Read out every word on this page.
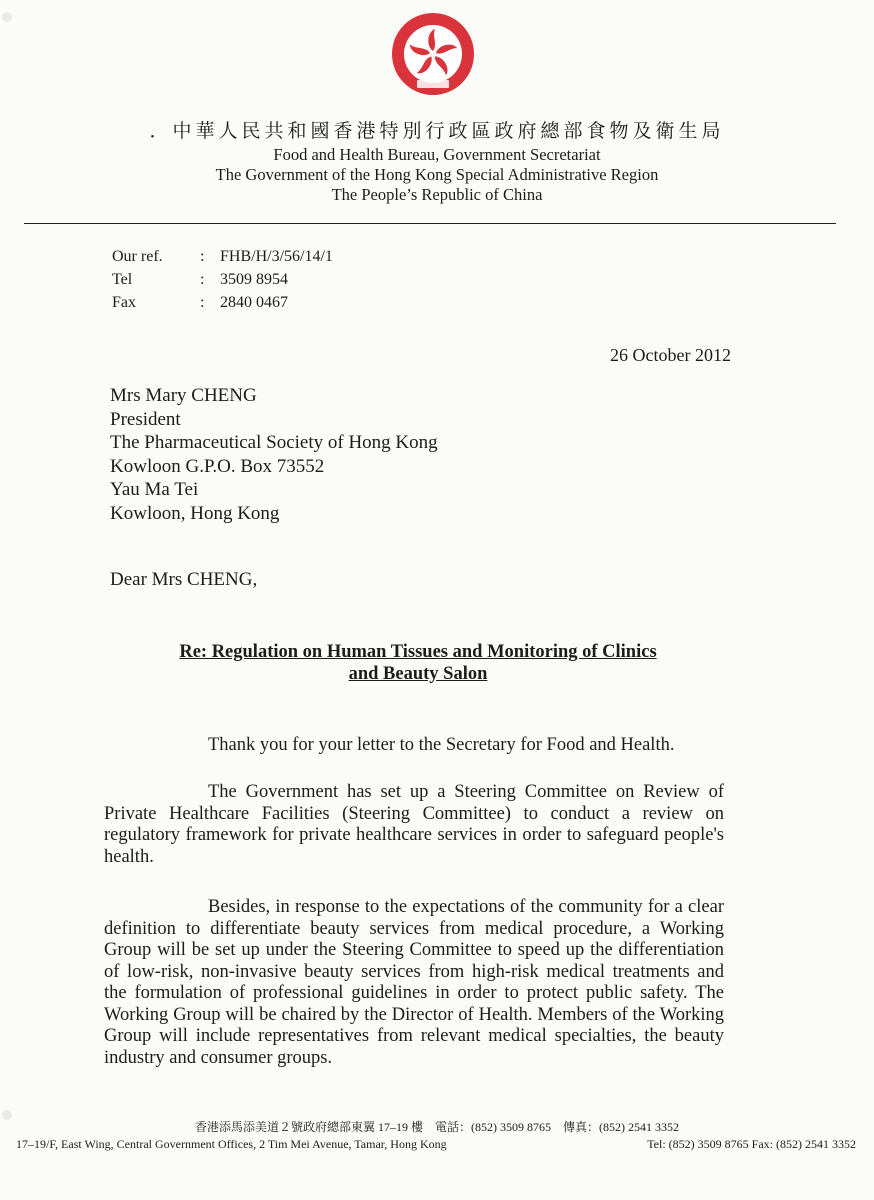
．中華人民共和國香港特別行政區政府總部食物及衛生局
Food and Health Bureau, Government Secretariat
The Government of the Hong Kong Special Administrative Region
The People’s Republic of China
Our ref. : FHB/H/3/56/14/1
Tel	: 3509 8954
Fax	: 2840 0467
26 October 2012
Mrs Mary CHENG
President
The Pharmaceutical Society of Hong Kong
Kowloon G.P.O. Box 73552
Yau Ma Tei
Kowloon, Hong Kong
Dear Mrs CHENG,
Re: Regulation on Human Tissues and Monitoring of Clinics
and Beauty Salon
Thank you for your letter to the Secretary for Food and Health.
The Government has set up a Steering Committee on Review of Private Healthcare Facilities (Steering Committee) to conduct a review on regulatory framework for private healthcare services in order to safeguard people's health.
Besides, in response to the expectations of the community for a clear definition to differentiate beauty services from medical procedure, a Working Group will be set up under the Steering Committee to speed up the differentiation of low-risk, non-invasive beauty services from high-risk medical treatments and the formulation of professional guidelines in order to protect public safety. The Working Group will be chaired by the Director of Health. Members of the Working Group will include representatives from relevant medical specialties, the beauty industry and consumer groups.
香港添馬添美道２號政府總部東翼 17–19 樓　電話：(852) 3509 8765　傳真：(852) 2541 3352
17–19/F, East Wing, Central Government Offices, 2 Tim Mei Avenue, Tamar, Hong Kong	Tel: (852) 3509 8765 Fax: (852) 2541 3352
